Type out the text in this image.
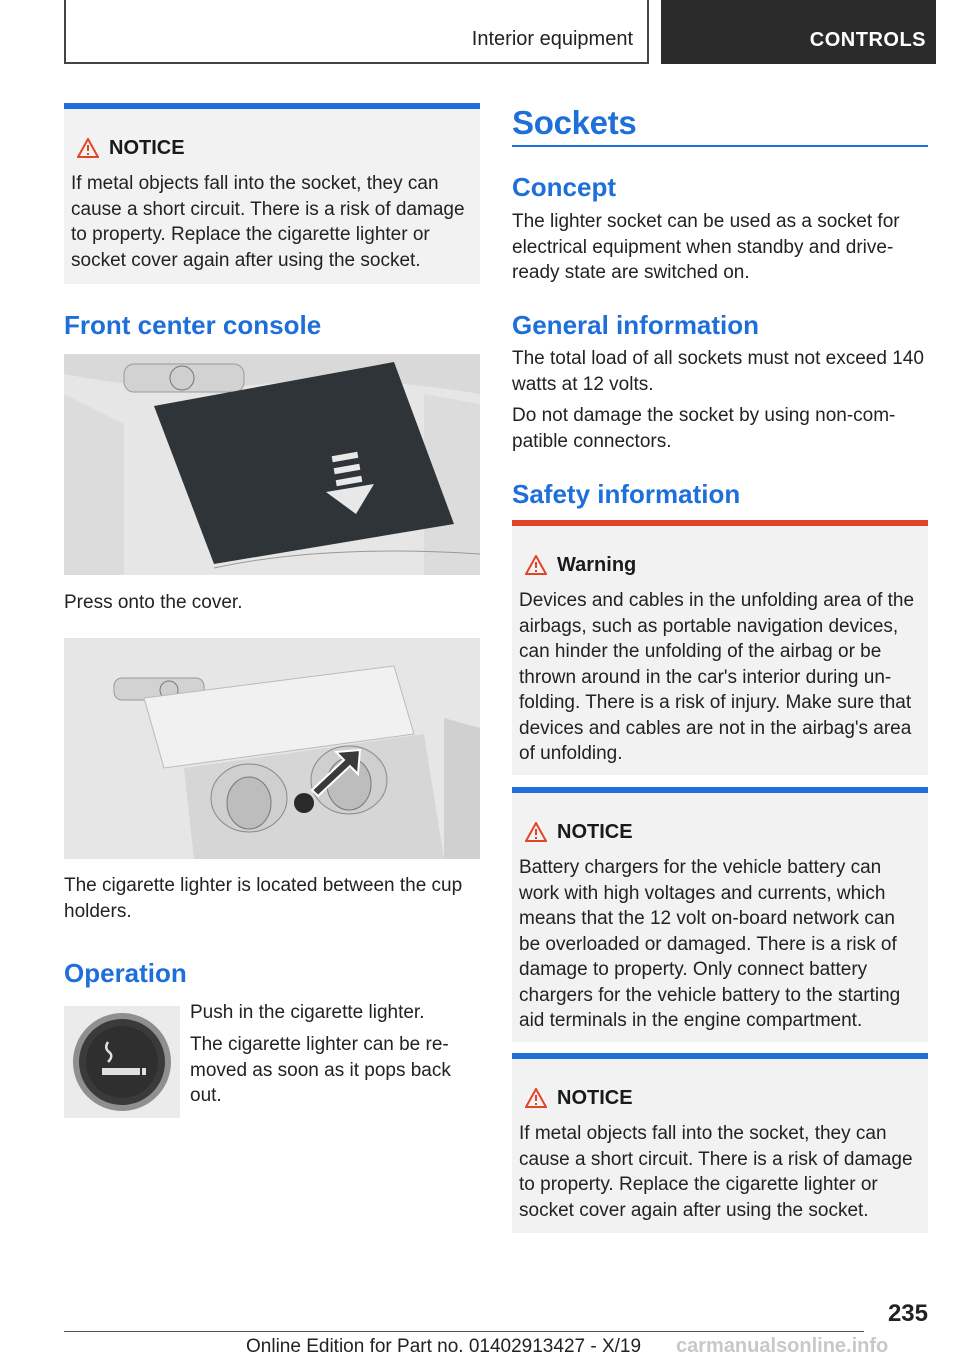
Interior equipment	CONTROLS
NOTICE

If metal objects fall into the socket, they can cause a short circuit. There is a risk of damage to property. Replace the cigarette lighter or socket cover again after using the socket.

Front center console
Press onto the cover.
The cigarette lighter is located between the cup holders.
Operation
Push in the cigarette lighter.
The cigarette lighter can be re-moved as soon as it pops back out.
Sockets
Concept
The lighter socket can be used as a socket for electrical equipment when standby and drive-ready state are switched on.
General information
The total load of all sockets must not exceed 140 watts at 12 volts.
Do not damage the socket by using non-com-patible connectors.
Safety information
Warning

Devices and cables in the unfolding area of the airbags, such as portable navigation devices, can hinder the unfolding of the airbag or be thrown around in the car's interior during un-folding. There is a risk of injury. Make sure that devices and cables are not in the airbag's area of unfolding.

NOTICE

Battery chargers for the vehicle battery can work with high voltages and currents, which means that the 12 volt on-board network can be overloaded or damaged. There is a risk of damage to property. Only connect battery chargers for the vehicle battery to the starting aid terminals in the engine compartment.

NOTICE

If metal objects fall into the socket, they can cause a short circuit. There is a risk of damage to property. Replace the cigarette lighter or socket cover again after using the socket.

235
Online Edition for Part no. 01402913427 - X/19 carmanualsonline.info
